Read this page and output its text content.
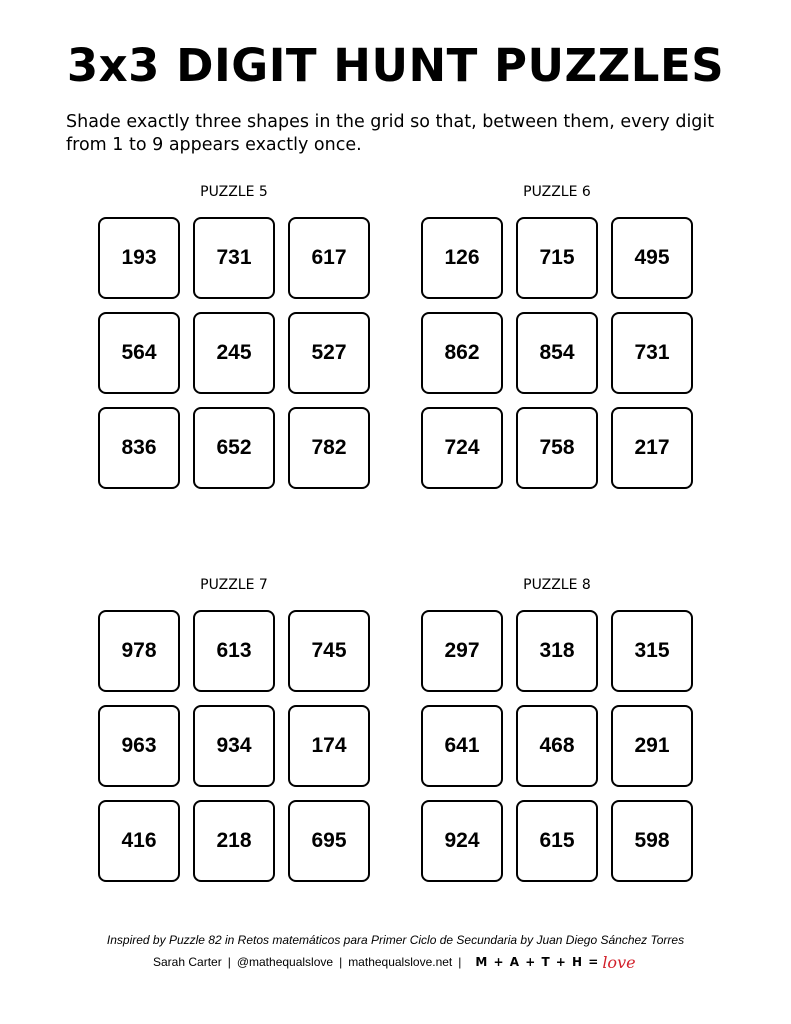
3x3 DIGIT HUNT PUZZLES
Shade exactly three shapes in the grid so that, between them, every digit from 1 to 9 appears exactly once.
PUZZLE 5
193	731	617
564	245	527
836	652	782
PUZZLE 6
126	715	495
862	854	731
724	758	217
PUZZLE 7
978	613	745
963	934	174
416	218	695
PUZZLE 8
297	318	315
641	468	291
924	615	598
Inspired by Puzzle 82 in Retos matemáticos para Primer Ciclo de Secundaria by Juan Diego Sánchez Torres
Sarah Carter | @mathequalslove | mathequalslove.net | M + A + T + H = love
